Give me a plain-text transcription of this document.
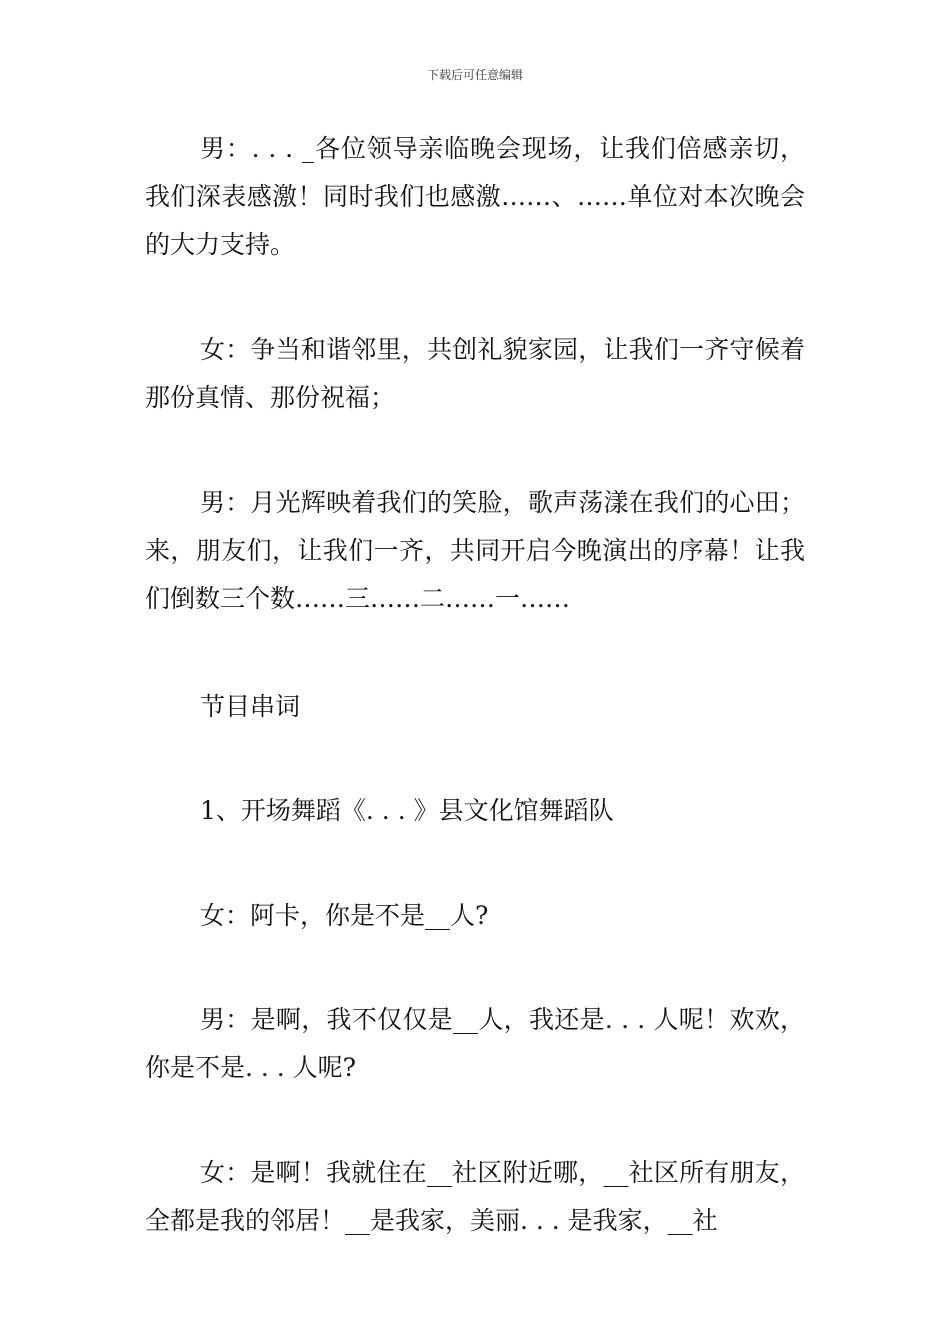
下载后可任意编辑

男：. . . _各位领导亲临晚会现场，让我们倍感亲切，我们深表感激！同时我们也感激……、……单位对本次晚会的大力支持。

女：争当和谐邻里，共创礼貌家园，让我们一齐守候着那份真情、那份祝福；

男：月光辉映着我们的笑脸，歌声荡漾在我们的心田；来，朋友们，让我们一齐，共同开启今晚演出的序幕！让我们倒数三个数……三……二……一……

节目串词

1、开场舞蹈《. . . 》县文化馆舞蹈队

女：阿卡，你是不是__人?

男：是啊，我不仅仅是__人，我还是. . . 人呢！欢欢，你是不是. . . 人呢?

女：是啊！我就住在__社区附近哪，__社区所有朋友，全都是我的邻居！__是我家，美丽. . . 是我家，__社
